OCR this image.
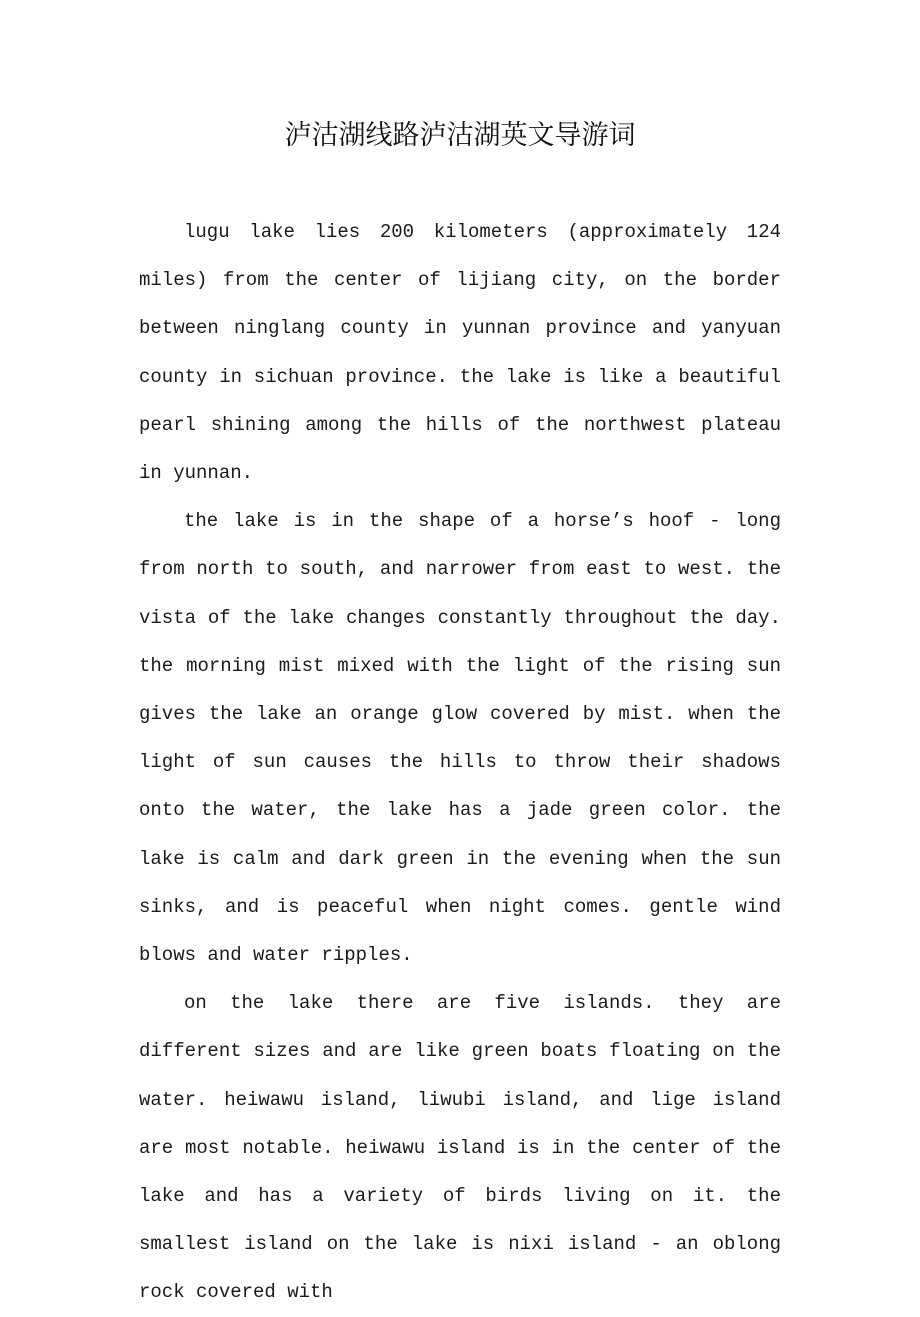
泸沽湖线路泸沽湖英文导游词

lugu lake lies 200 kilometers (approximately 124 miles) from the center of lijiang city, on the border between ninglang county in yunnan province and yanyuan county in sichuan province. the lake is like a beautiful pearl shining among the hills of the northwest plateau in yunnan.

the lake is in the shape of a horse’s hoof - long from north to south, and narrower from east to west. the vista of the lake changes constantly throughout the day. the morning mist mixed with the light of the rising sun gives the lake an orange glow covered by mist. when the light of sun causes the hills to throw their shadows onto the water, the lake has a jade green color. the lake is calm and dark green in the evening when the sun sinks, and is peaceful when night comes. gentle wind blows and water ripples.

on the lake there are five islands. they are different sizes and are like green boats floating on the water. heiwawu island, liwubi island, and lige island are most notable. heiwawu island is in the center of the lake and has a variety of birds living on it. the smallest island on the lake is nixi island - an oblong rock covered with
